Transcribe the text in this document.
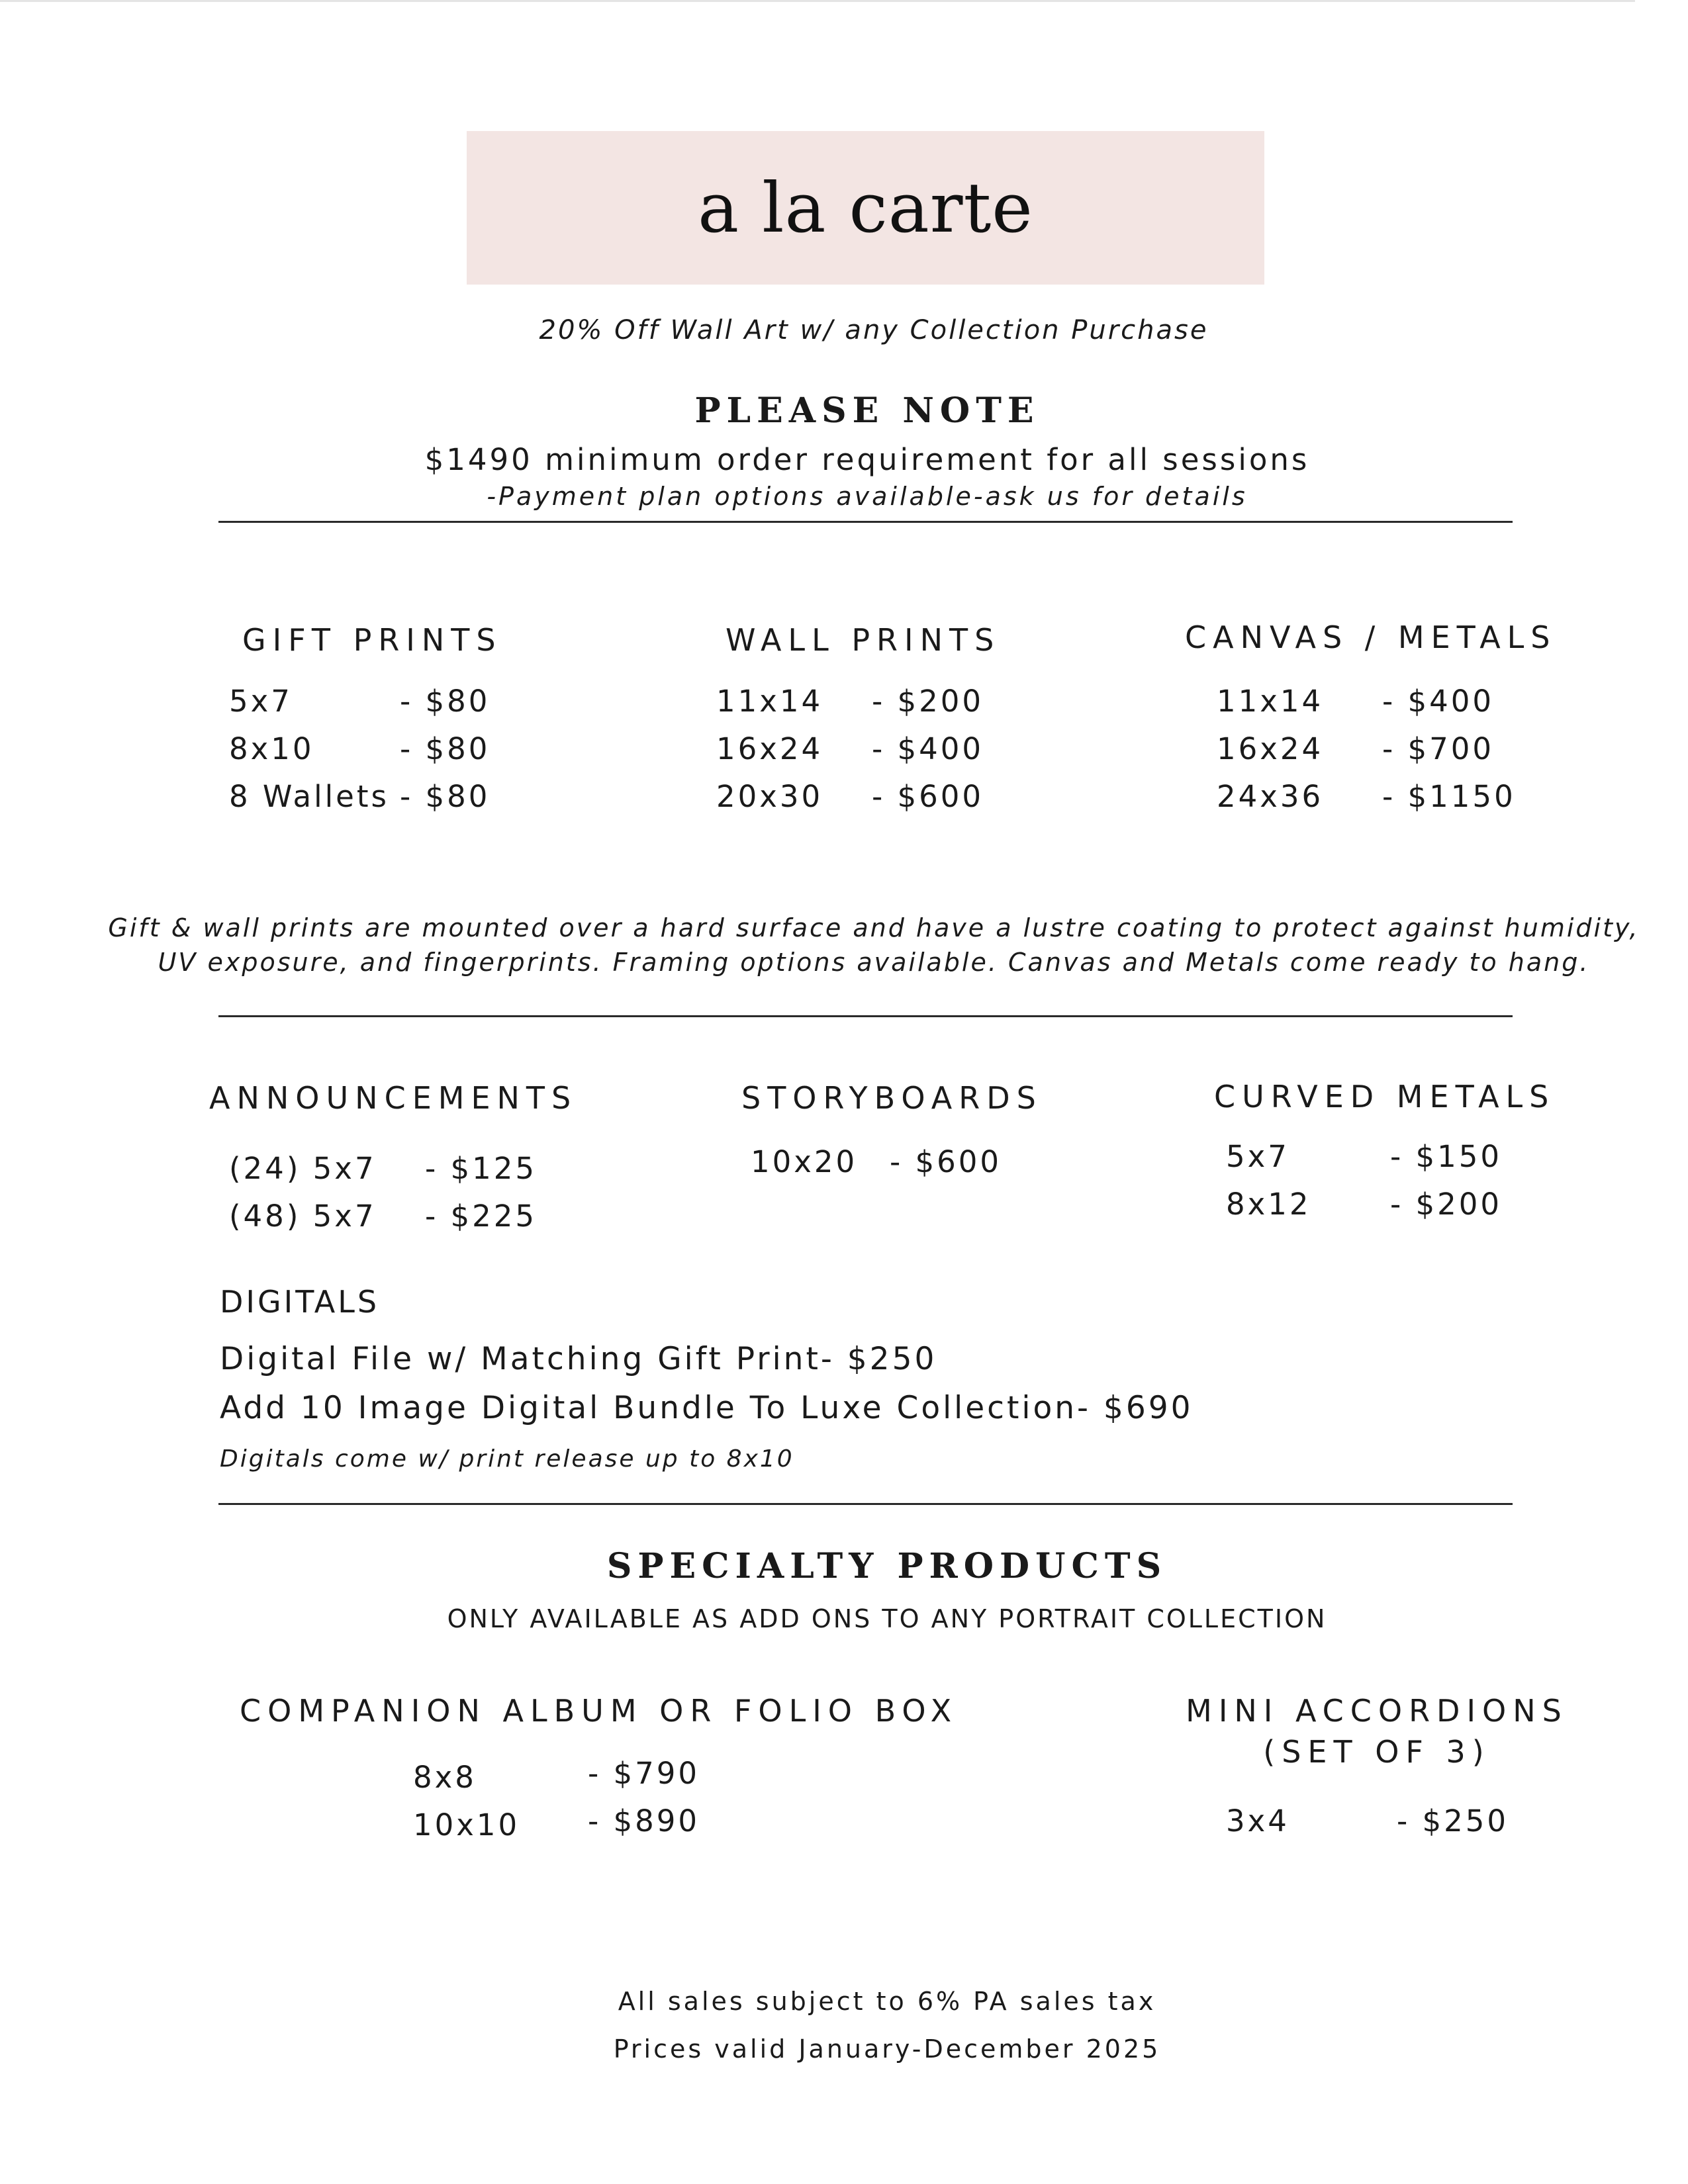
a la carte
20% Off Wall Art w/ any Collection Purchase
PLEASE NOTE
$1490 minimum order requirement for all sessions
-Payment plan options available-ask us for details
GIFT PRINTS
5x7	- $80
8x10	- $80
8 Wallets - $80
WALL PRINTS
11x14 - $200
16x24 - $400
20x30 - $600
CANVAS / METALS
11x14 - $400
16x24 - $700
24x36 - $1150
Gift & wall prints are mounted over a hard surface and have a lustre coating to protect against humidity,
UV exposure, and fingerprints. Framing options available. Canvas and Metals come ready to hang.
ANNOUNCEMENTS
(24) 5x7 - $125
(48) 5x7 - $225
STORYBOARDS
10x20 - $600
CURVED METALS
5x7	- $150
8x12	- $200
DIGITALS
Digital File w/ Matching Gift Print- $250
Add 10 Image Digital Bundle To Luxe Collection- $690
Digitals come w/ print release up to 8x10
SPECIALTY PRODUCTS
ONLY AVAILABLE AS ADD ONS TO ANY PORTRAIT COLLECTION
COMPANION ALBUM OR FOLIO BOX
8x8	- $790
10x10 - $890
MINI ACCORDIONS
(SET OF 3)
3x4	- $250
All sales subject to 6% PA sales tax
Prices valid January-December 2025
